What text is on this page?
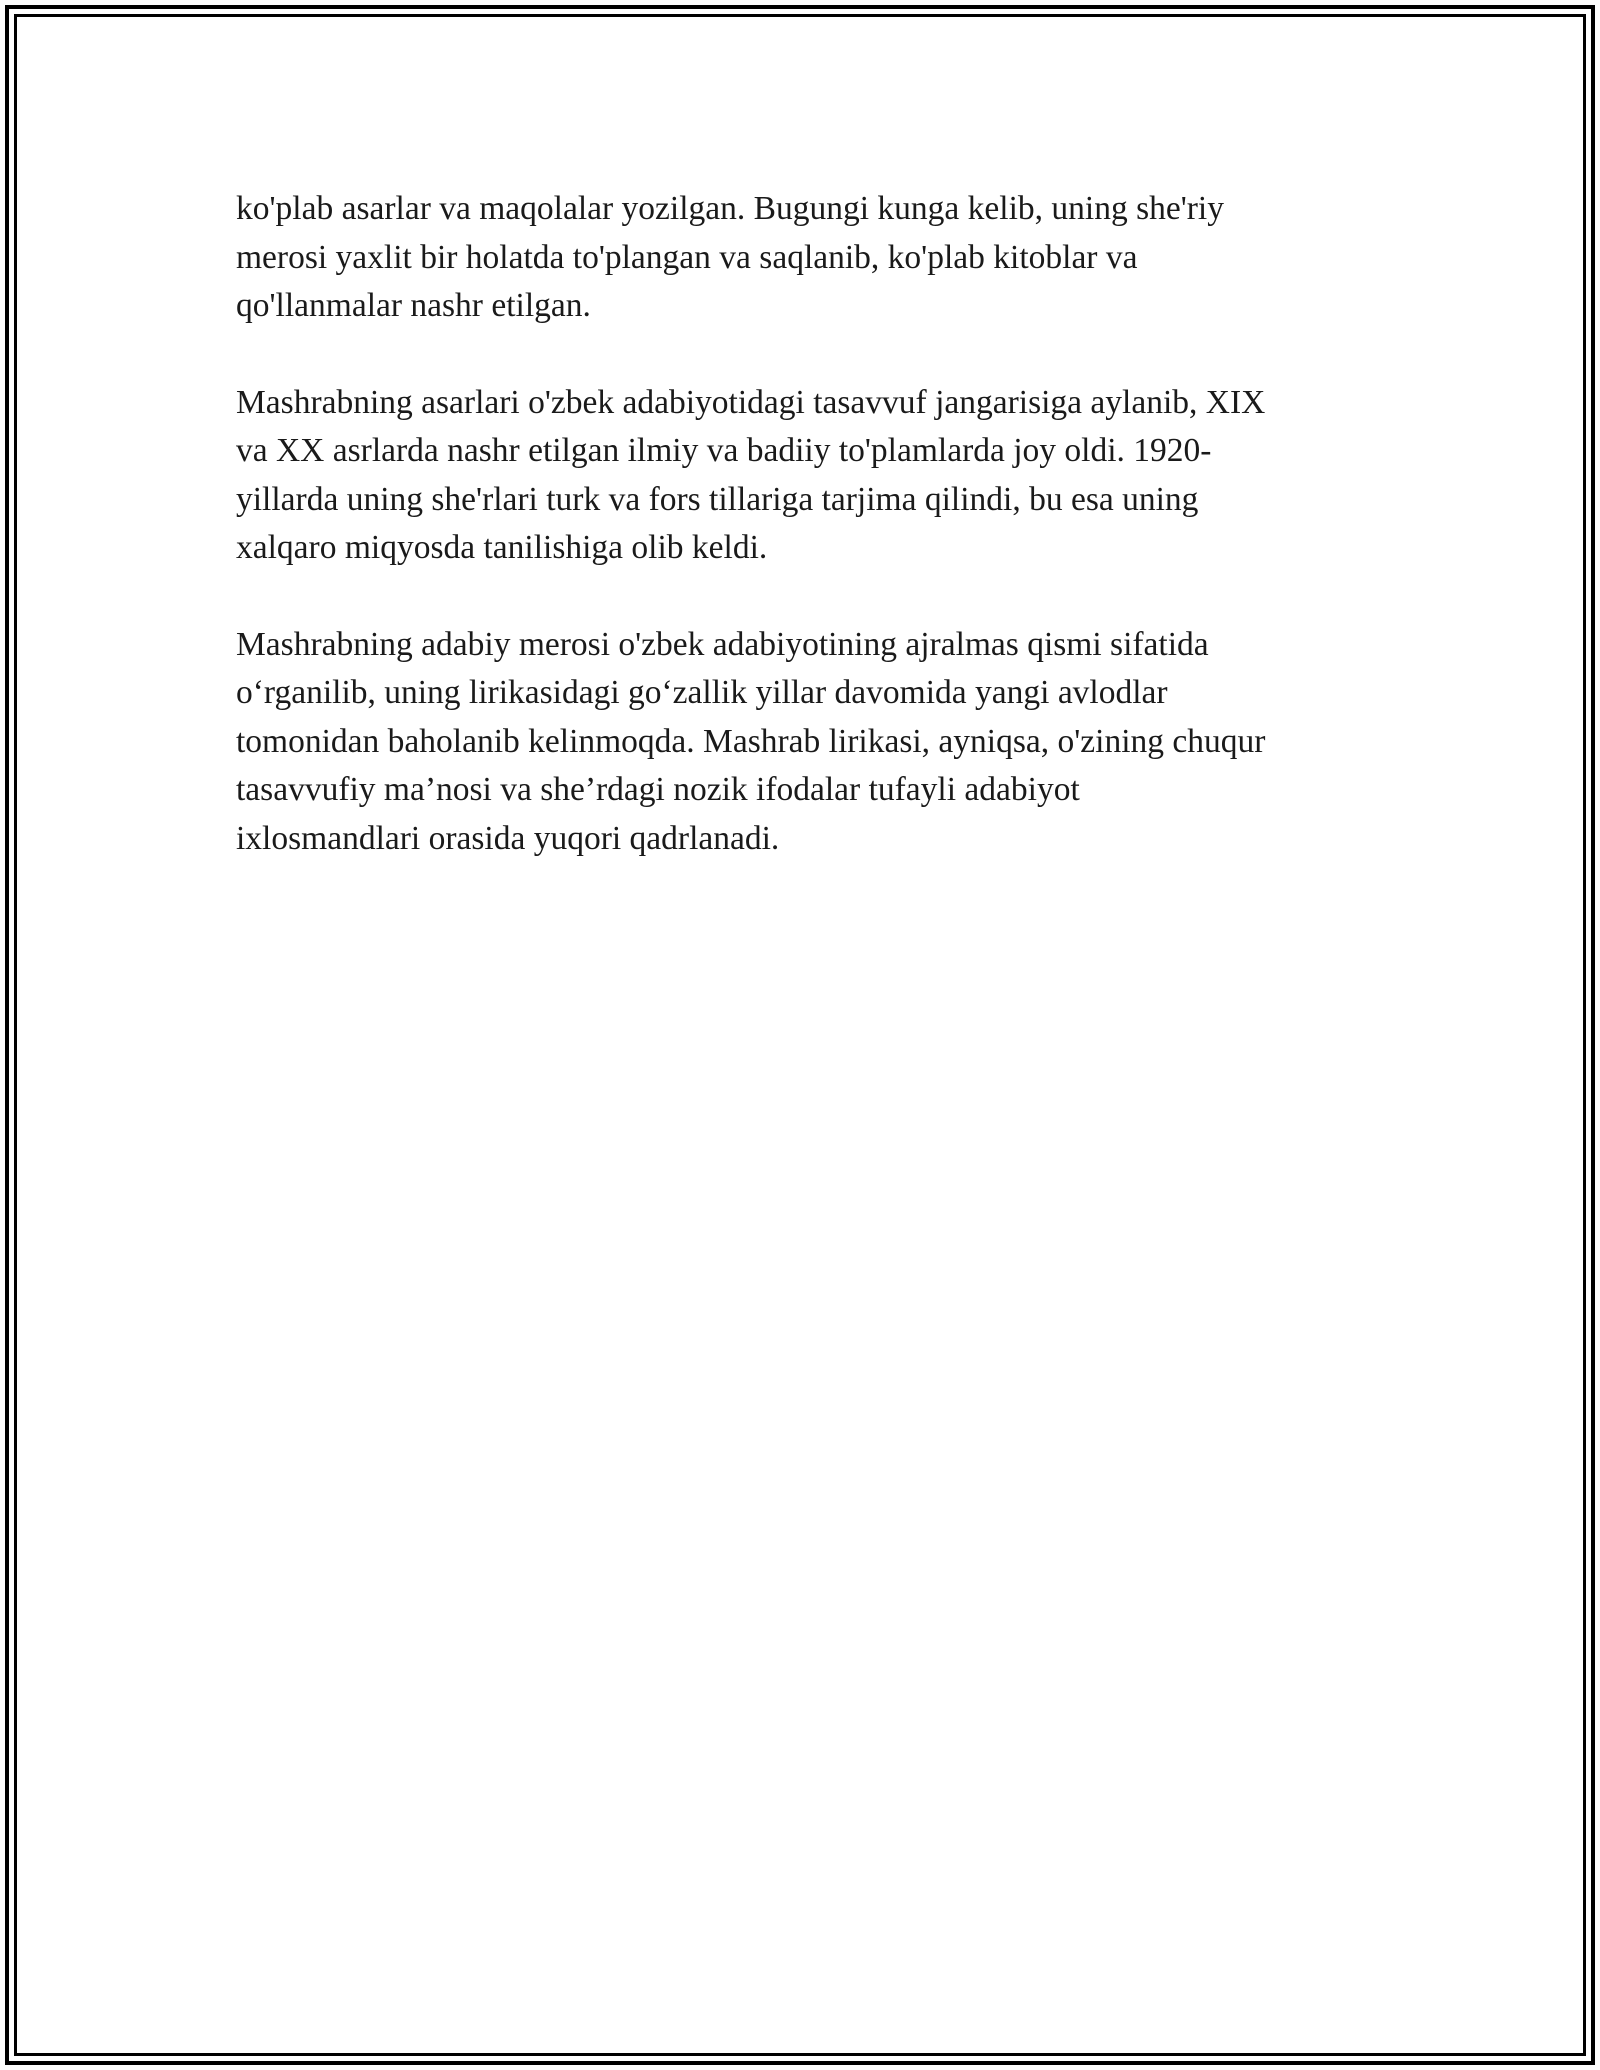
ko'plab asarlar va maqolalar yozilgan. Bugungi kunga kelib, uning she'riy
merosi yaxlit bir holatda to'plangan va saqlanib, ko'plab kitoblar va
qo'llanmalar nashr etilgan.

Mashrabning asarlari o'zbek adabiyotidagi tasavvuf jangarisiga aylanib, XIX
va XX asrlarda nashr etilgan ilmiy va badiiy to'plamlarda joy oldi. 1920-
yillarda uning she'rlari turk va fors tillariga tarjima qilindi, bu esa uning
xalqaro miqyosda tanilishiga olib keldi.

Mashrabning adabiy merosi o'zbek adabiyotining ajralmas qismi sifatida
o‘rganilib, uning lirikasidagi go‘zallik yillar davomida yangi avlodlar
tomonidan baholanib kelinmoqda. Mashrab lirikasi, ayniqsa, o'zining chuqur
tasavvufiy ma’nosi va she’rdagi nozik ifodalar tufayli adabiyot
ixlosmandlari orasida yuqori qadrlanadi.
